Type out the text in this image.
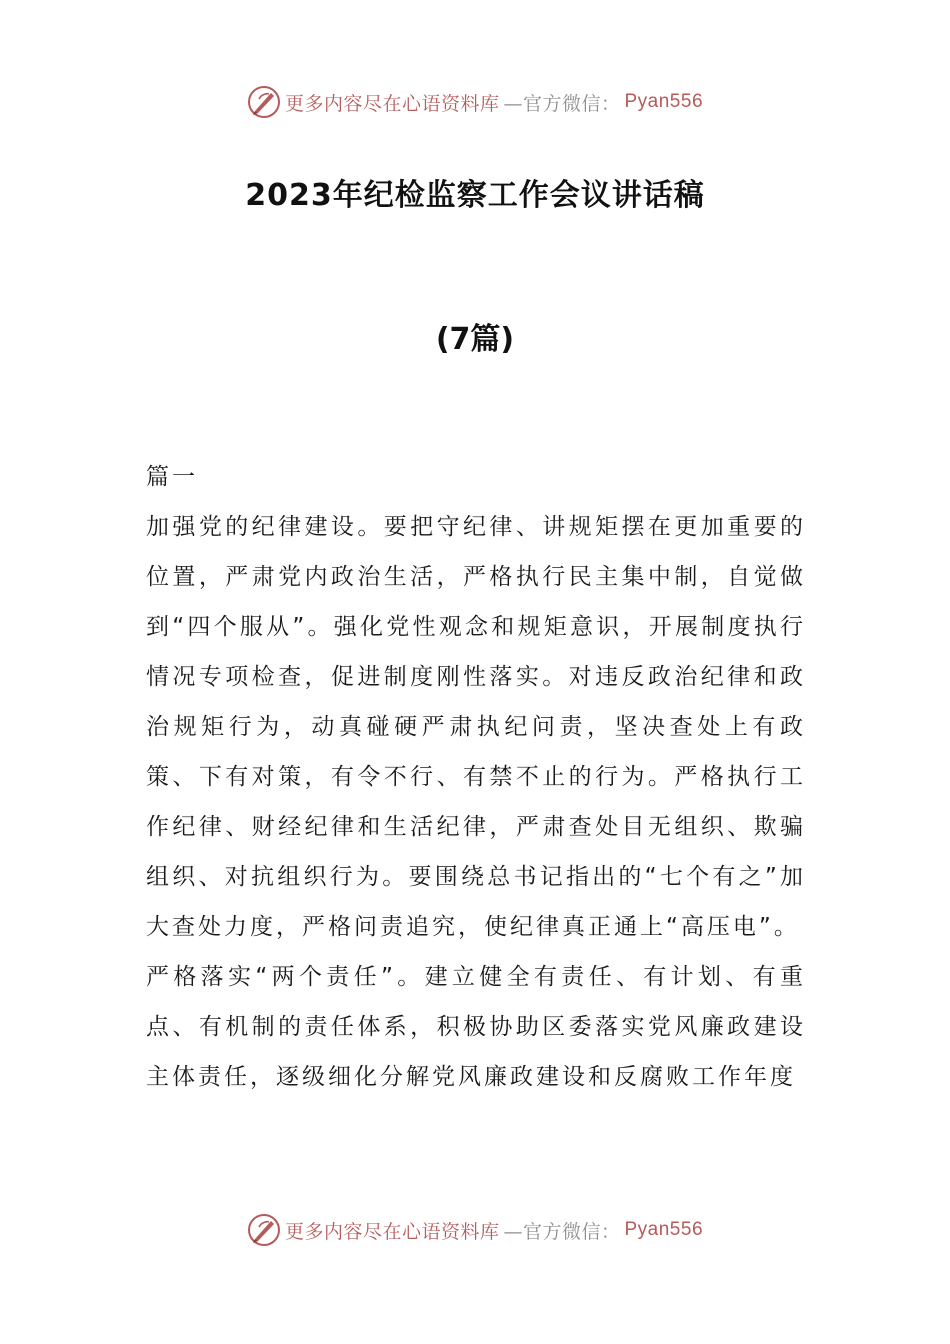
更多内容尽在心语资料库 —官方微信： Pyan556
2023年纪检监察工作会议讲话稿
(7篇)

篇一

加强党的纪律建设。要把守纪律、讲规矩摆在更加重要的位置，严肃党内政治生活，严格执行民主集中制，自觉做到“四个服从”。强化党性观念和规矩意识，开展制度执行情况专项检查，促进制度刚性落实。对违反政治纪律和政治规矩行为，动真碰硬严肃执纪问责，坚决查处上有政策、下有对策，有令不行、有禁不止的行为。严格执行工作纪律、财经纪律和生活纪律，严肃查处目无组织、欺骗组织、对抗组织行为。要围绕总书记指出的“七个有之”加大查处力度，严格问责追究，使纪律真正通上“高压电”。

严格落实“两个责任”。建立健全有责任、有计划、有重点、有机制的责任体系，积极协助区委落实党风廉政建设主体责任，逐级细化分解党风廉政建设和反腐败工作年度

更多内容尽在心语资料库 —官方微信： Pyan556
